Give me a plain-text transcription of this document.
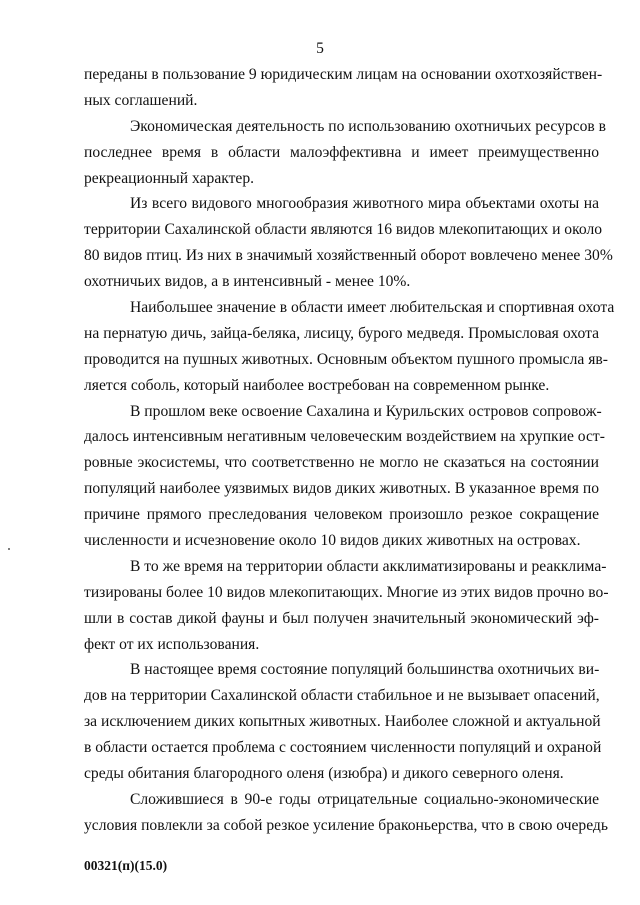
5
переданы в пользование 9 юридическим лицам на основании охотхозяйствен-
ных соглашений.
Экономическая деятельность по использованию охотничьих ресурсов в
последнее время в области малоэффективна и имеет преимущественно
рекреационный характер.
Из всего видового многообразия животного мира объектами охоты на
территории Сахалинской области являются 16 видов млекопитающих и около
80 видов птиц. Из них в значимый хозяйственный оборот вовлечено менее 30%
охотничьих видов, а в интенсивный - менее 10%.
Наибольшее значение в области имеет любительская и спортивная охота
на пернатую дичь, зайца-беляка, лисицу, бурого медведя. Промысловая охота
проводится на пушных животных. Основным объектом пушного промысла яв-
ляется соболь, который наиболее востребован на современном рынке.
В прошлом веке освоение Сахалина и Курильских островов сопровож-
далось интенсивным негативным человеческим воздействием на хрупкие ост-
ровные экосистемы, что соответственно не могло не сказаться на состоянии
популяций наиболее уязвимых видов диких животных. В указанное время по
причине прямого преследования человеком произошло резкое сокращение
численности и исчезновение около 10 видов диких животных на островах.
В то же время на территории области акклиматизированы и реакклима-
тизированы более 10 видов млекопитающих. Многие из этих видов прочно во-
шли в состав дикой фауны и был получен значительный экономический эф-
фект от их использования.
В настоящее время состояние популяций большинства охотничьих ви-
дов на территории Сахалинской области стабильное и не вызывает опасений,
за исключением диких копытных животных. Наиболее сложной и актуальной
в области остается проблема с состоянием численности популяций и охраной
среды обитания благородного оленя (изюбра) и дикого северного оленя.
Сложившиеся в 90-е годы отрицательные социально-экономические
условия повлекли за собой резкое усиление браконьерства, что в свою очередь
00321(п)(15.0)
